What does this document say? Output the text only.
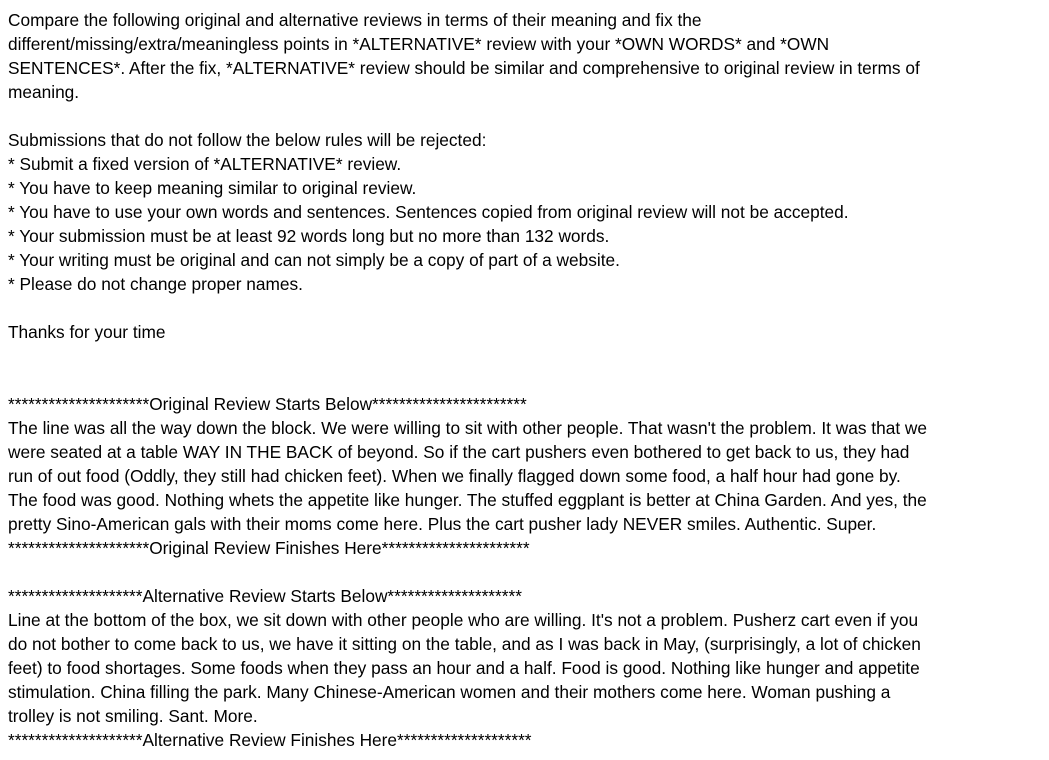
Compare the following original and alternative reviews in terms of their meaning and fix the
different/missing/extra/meaningless points in *ALTERNATIVE* review with your *OWN WORDS* and *OWN
SENTENCES*. After the fix, *ALTERNATIVE* review should be similar and comprehensive to original review in terms of
meaning.
Submissions that do not follow the below rules will be rejected:
* Submit a fixed version of *ALTERNATIVE* review.
* You have to keep meaning similar to original review.
* You have to use your own words and sentences. Sentences copied from original review will not be accepted.
* Your submission must be at least 92 words long but no more than 132 words.
* Your writing must be original and can not simply be a copy of part of a website.
* Please do not change proper names.
Thanks for your time
*********************Original Review Starts Below***********************
The line was all the way down the block. We were willing to sit with other people. That wasn't the problem. It was that we
were seated at a table WAY IN THE BACK of beyond. So if the cart pushers even bothered to get back to us, they had
run of out food (Oddly, they still had chicken feet). When we finally flagged down some food, a half hour had gone by.
The food was good. Nothing whets the appetite like hunger. The stuffed eggplant is better at China Garden. And yes, the
pretty Sino-American gals with their moms come here. Plus the cart pusher lady NEVER smiles. Authentic. Super.
*********************Original Review Finishes Here**********************
********************Alternative Review Starts Below********************
Line at the bottom of the box, we sit down with other people who are willing. It's not a problem. Pusherz cart even if you
do not bother to come back to us, we have it sitting on the table, and as I was back in May, (surprisingly, a lot of chicken
feet) to food shortages. Some foods when they pass an hour and a half. Food is good. Nothing like hunger and appetite
stimulation. China filling the park. Many Chinese-American women and their mothers come here. Woman pushing a
trolley is not smiling. Sant. More.
********************Alternative Review Finishes Here********************
